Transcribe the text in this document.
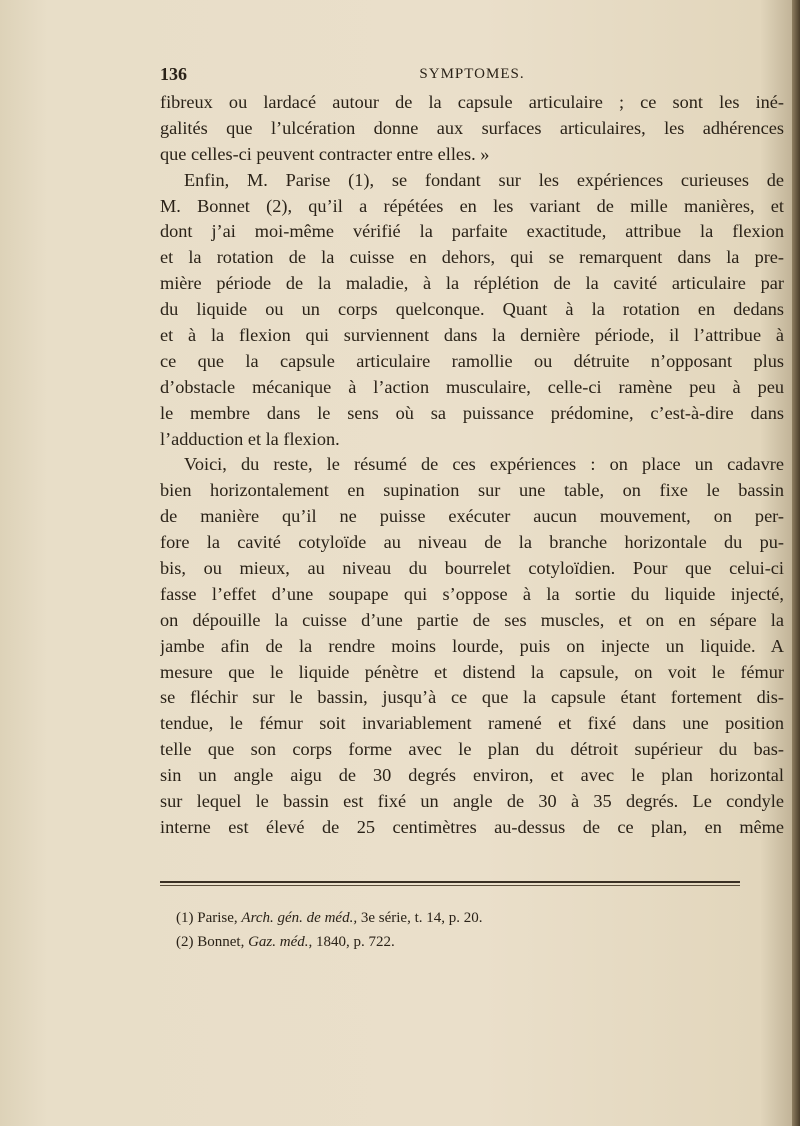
136	SYMPTOMES.
fibreux ou lardacé autour de la capsule articulaire ; ce sont les iné-
galités que l’ulcération donne aux surfaces articulaires, les adhérences
que celles-ci peuvent contracter entre elles. »
Enfin, M. Parise (1), se fondant sur les expériences curieuses de
M. Bonnet (2), qu’il a répétées en les variant de mille manières, et
dont j’ai moi-même vérifié la parfaite exactitude, attribue la flexion
et la rotation de la cuisse en dehors, qui se remarquent dans la pre-
mière période de la maladie, à la réplétion de la cavité articulaire par
du liquide ou un corps quelconque. Quant à la rotation en dedans
et à la flexion qui surviennent dans la dernière période, il l’attribue à
ce que la capsule articulaire ramollie ou détruite n’opposant plus
d’obstacle mécanique à l’action musculaire, celle-ci ramène peu à peu
le membre dans le sens où sa puissance prédomine, c’est-à-dire dans
l’adduction et la flexion.
Voici, du reste, le résumé de ces expériences : on place un cadavre
bien horizontalement en supination sur une table, on fixe le bassin
de manière qu’il ne puisse exécuter aucun mouvement, on per-
fore la cavité cotyloïde au niveau de la branche horizontale du pu-
bis, ou mieux, au niveau du bourrelet cotyloïdien. Pour que celui-ci
fasse l’effet d’une soupape qui s’oppose à la sortie du liquide injecté,
on dépouille la cuisse d’une partie de ses muscles, et on en sépare la
jambe afin de la rendre moins lourde, puis on injecte un liquide. A
mesure que le liquide pénètre et distend la capsule, on voit le fémur
se fléchir sur le bassin, jusqu’à ce que la capsule étant fortement dis-
tendue, le fémur soit invariablement ramené et fixé dans une position
telle que son corps forme avec le plan du détroit supérieur du bas-
sin un angle aigu de 30 degrés environ, et avec le plan horizontal
sur lequel le bassin est fixé un angle de 30 à 35 degrés. Le condyle
interne est élevé de 25 centimètres au-dessus de ce plan, en même
(1) Parise, Arch. gén. de méd., 3e série, t. 14, p. 20.
(2) Bonnet, Gaz. méd., 1840, p. 722.
